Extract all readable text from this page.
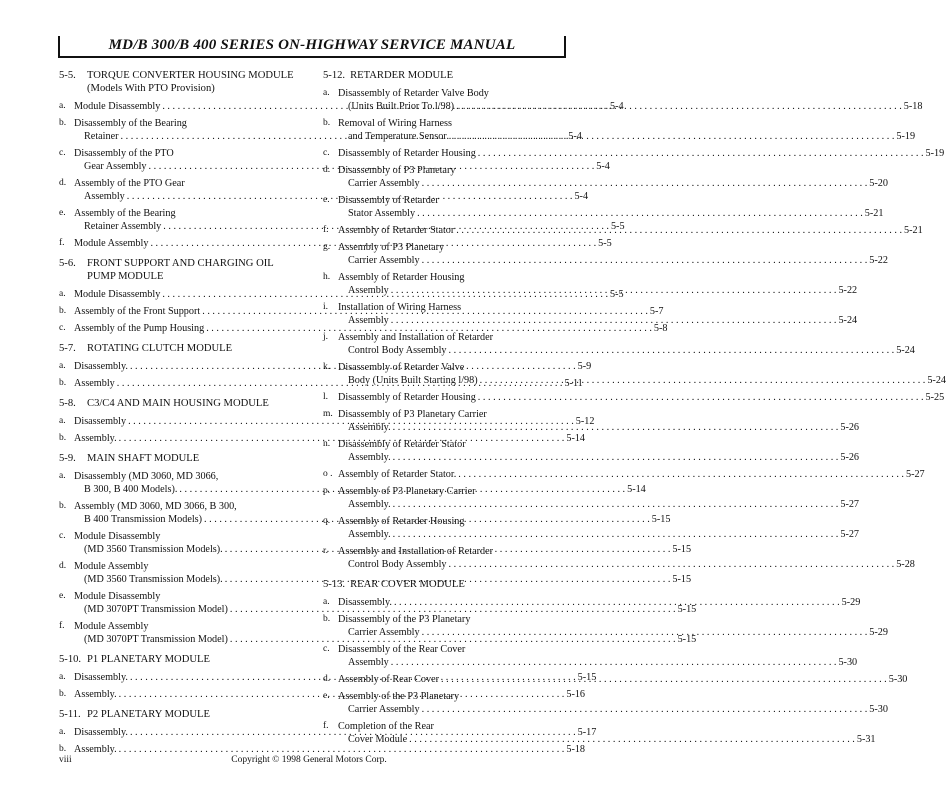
MD/B 300/B 400 SERIES ON-HIGHWAY SERVICE MANUAL
5-5.	TORQUE CONVERTER HOUSING MODULE (Models With PTO Provision)
a. Module Disassembly . . .	5-4
b. Disassembly of the Bearing
Retainer . . .	5-4
c. Disassembly of the PTO
Gear Assembly . . .	5-4
d. Assembly of the PTO Gear
Assembly . . .	5-4
e. Assembly of the Bearing
Retainer Assembly . . .	5-5
f. Module Assembly . . .	5-5
5-6.	FRONT SUPPORT AND CHARGING OIL PUMP MODULE
a. Module Disassembly . . .	5-5
b. Assembly of the Front Support . . .	5-7
c. Assembly of the Pump Housing . . .	5-8
5-7.	ROTATING CLUTCH MODULE
a. Disassembly. . . .	5-9
b. Assembly . . .	5-11
5-8.	C3/C4 AND MAIN HOUSING MODULE
a. Disassembly . . .	5-12
b. Assembly. . . .	5-14
5-9.	MAIN SHAFT MODULE
a. Disassembly (MD 3060, MD 3066,
B 300, B 400 Models). . . .	5-14
b. Assembly (MD 3060, MD 3066, B 300,
B 400 Transmission Models) . . .	5-15
c. Module Disassembly
(MD 3560 Transmission Models). . . .	5-15
d. Module Assembly
(MD 3560 Transmission Models). . . .	5-15
e. Module Disassembly
(MD 3070PT Transmission Model) . . .	5-15
f. Module Assembly
(MD 3070PT Transmission Model) . . .	5-15
5-10. P1 PLANETARY MODULE
a. Disassembly. . . .	5-15
b. Assembly. . . .	5-16
5-11. P2 PLANETARY MODULE
a. Disassembly. . . .	5-17
b. Assembly. . . .	5-18
5-12. RETARDER MODULE
a. Disassembly of Retarder Valve Body
(Units Built Prior To l/98) . . .	5-18
b. Removal of Wiring Harness
and Temperature Sensor . . .	5-19
c. Disassembly of Retarder Housing . . .	5-19
d. Disassembly of P3 Planetary
Carrier Assembly . . .	5-20
e. Disassembly of Retarder
Stator Assembly . . .	5-21
f. Assembly of Retarder Stator . . .	5-21
g. Assembly of P3 Planetary
Carrier Assembly . . .	5-22
h. Assembly of Retarder Housing
Assembly . . .	5-22
i. Installation of Wiring Harness
Assembly . . .	5-24
j. Assembly and Installation of Retarder
Control Body Assembly . . .	5-24
k. Disassembly of Retarder Valve
Body (Units Built Starting l/98) . . .	5-24
l. Disassembly of Retarder Housing . . .	5-25
m. Disassembly of P3 Planetary Carrier
Assembly. . . .	5-26
n. Disassembly of Retarder Stator
Assembly. . . .	5-26
o . Assembly of Retarder Stator. . . .	5-27
p. Assembly of P3 Planetary Carrier
Assembly. . . .	5-27
q. Assembly of Retarder Housing
Assembly. . . .	5-27
r. Assembly and Installation of Retarder
Control Body Assembly . . .	5-28
5-13. REAR COVER MODULE
a. Disassembly. . . .	5-29
b. Disassembly of the P3 Planetary
Carrier Assembly . . .	5-29
c. Disassembly of the Rear Cover
Assembly . . .	5-30
d. Assembly of Rear Cover . . .	5-30
e. Assembly of the P3 Planetary
Carrier Assembly . . .	5-30
f. Completion of the Rear
Cover Module . . .	5-31
viii	Copyright © 1998 General Motors Corp.
